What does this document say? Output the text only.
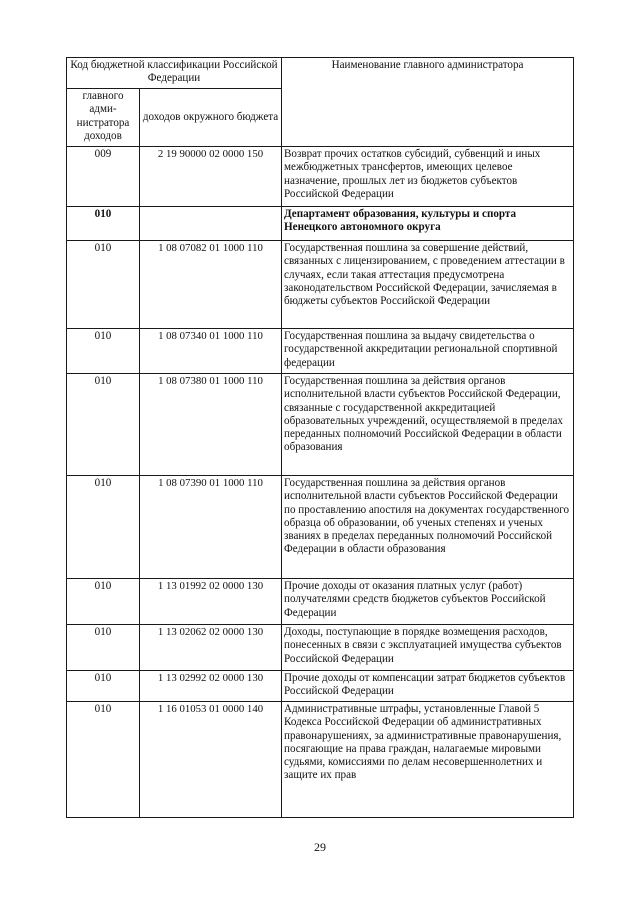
Код бюджетной классификации Российской Федерации		Наименование главного администратора
главного адми-нистратора доходов	доходов окружного бюджета	
009	2 19 90000 02 0000 150	Возврат прочих остатков субсидий, субвенций и иных межбюджетных трансфертов, имеющих целевое назначение, прошлых лет из бюджетов субъектов Российской Федерации
010		Департамент образования, культуры и спорта Ненецкого автономного округа
010	1 08 07082 01 1000 110	Государственная пошлина за совершение действий, связанных с лицензированием, с проведением аттестации в случаях, если такая аттестация предусмотрена законодательством Российской Федерации, зачисляемая в бюджеты субъектов Российской Федерации
010	1 08 07340 01 1000 110	Государственная пошлина за выдачу свидетельства о государственной аккредитации региональной спортивной федерации
010	1 08 07380 01 1000 110	Государственная пошлина за действия органов исполнительной власти субъектов Российской Федерации, связанные с государственной аккредитацией образовательных учреждений, осуществляемой в пределах переданных полномочий Российской Федерации в области образования
010	1 08 07390 01 1000 110	Государственная пошлина за действия органов исполнительной власти субъектов Российской Федерации по проставлению апостиля на документах государственного образца об образовании, об ученых степенях и ученых званиях в пределах переданных полномочий Российской Федерации в области образования
010	1 13 01992 02 0000 130	Прочие доходы от оказания платных услуг (работ) получателями средств бюджетов субъектов Российской Федерации
010	1 13 02062 02 0000 130	Доходы, поступающие в порядке возмещения расходов, понесенных в связи с эксплуатацией имущества субъектов Российской Федерации
010	1 13 02992 02 0000 130	Прочие доходы от компенсации затрат бюджетов субъектов Российской Федерации
010	1 16 01053 01 0000 140	Административные штрафы, установленные Главой 5 Кодекса Российской Федерации об административных правонарушениях, за административные правонарушения, посягающие на права граждан, налагаемые мировыми судьями, комиссиями по делам несовершеннолетних и защите их прав
29
